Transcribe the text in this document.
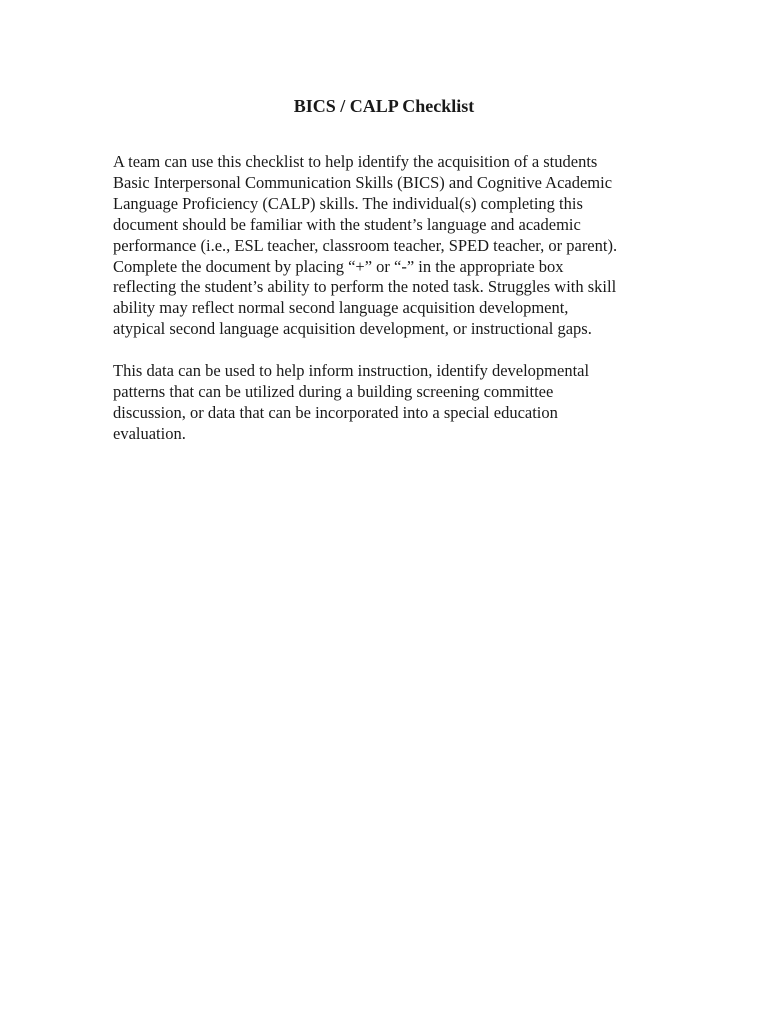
BICS / CALP Checklist

A team can use this checklist to help identify the acquisition of a students
Basic Interpersonal Communication Skills (BICS) and Cognitive Academic
Language Proficiency (CALP) skills. The individual(s) completing this
document should be familiar with the student’s language and academic
performance (i.e., ESL teacher, classroom teacher, SPED teacher, or parent).
Complete the document by placing “+” or “-” in the appropriate box
reflecting the student’s ability to perform the noted task. Struggles with skill
ability may reflect normal second language acquisition development,
atypical second language acquisition development, or instructional gaps.

This data can be used to help inform instruction, identify developmental
patterns that can be utilized during a building screening committee
discussion, or data that can be incorporated into a special education
evaluation.
